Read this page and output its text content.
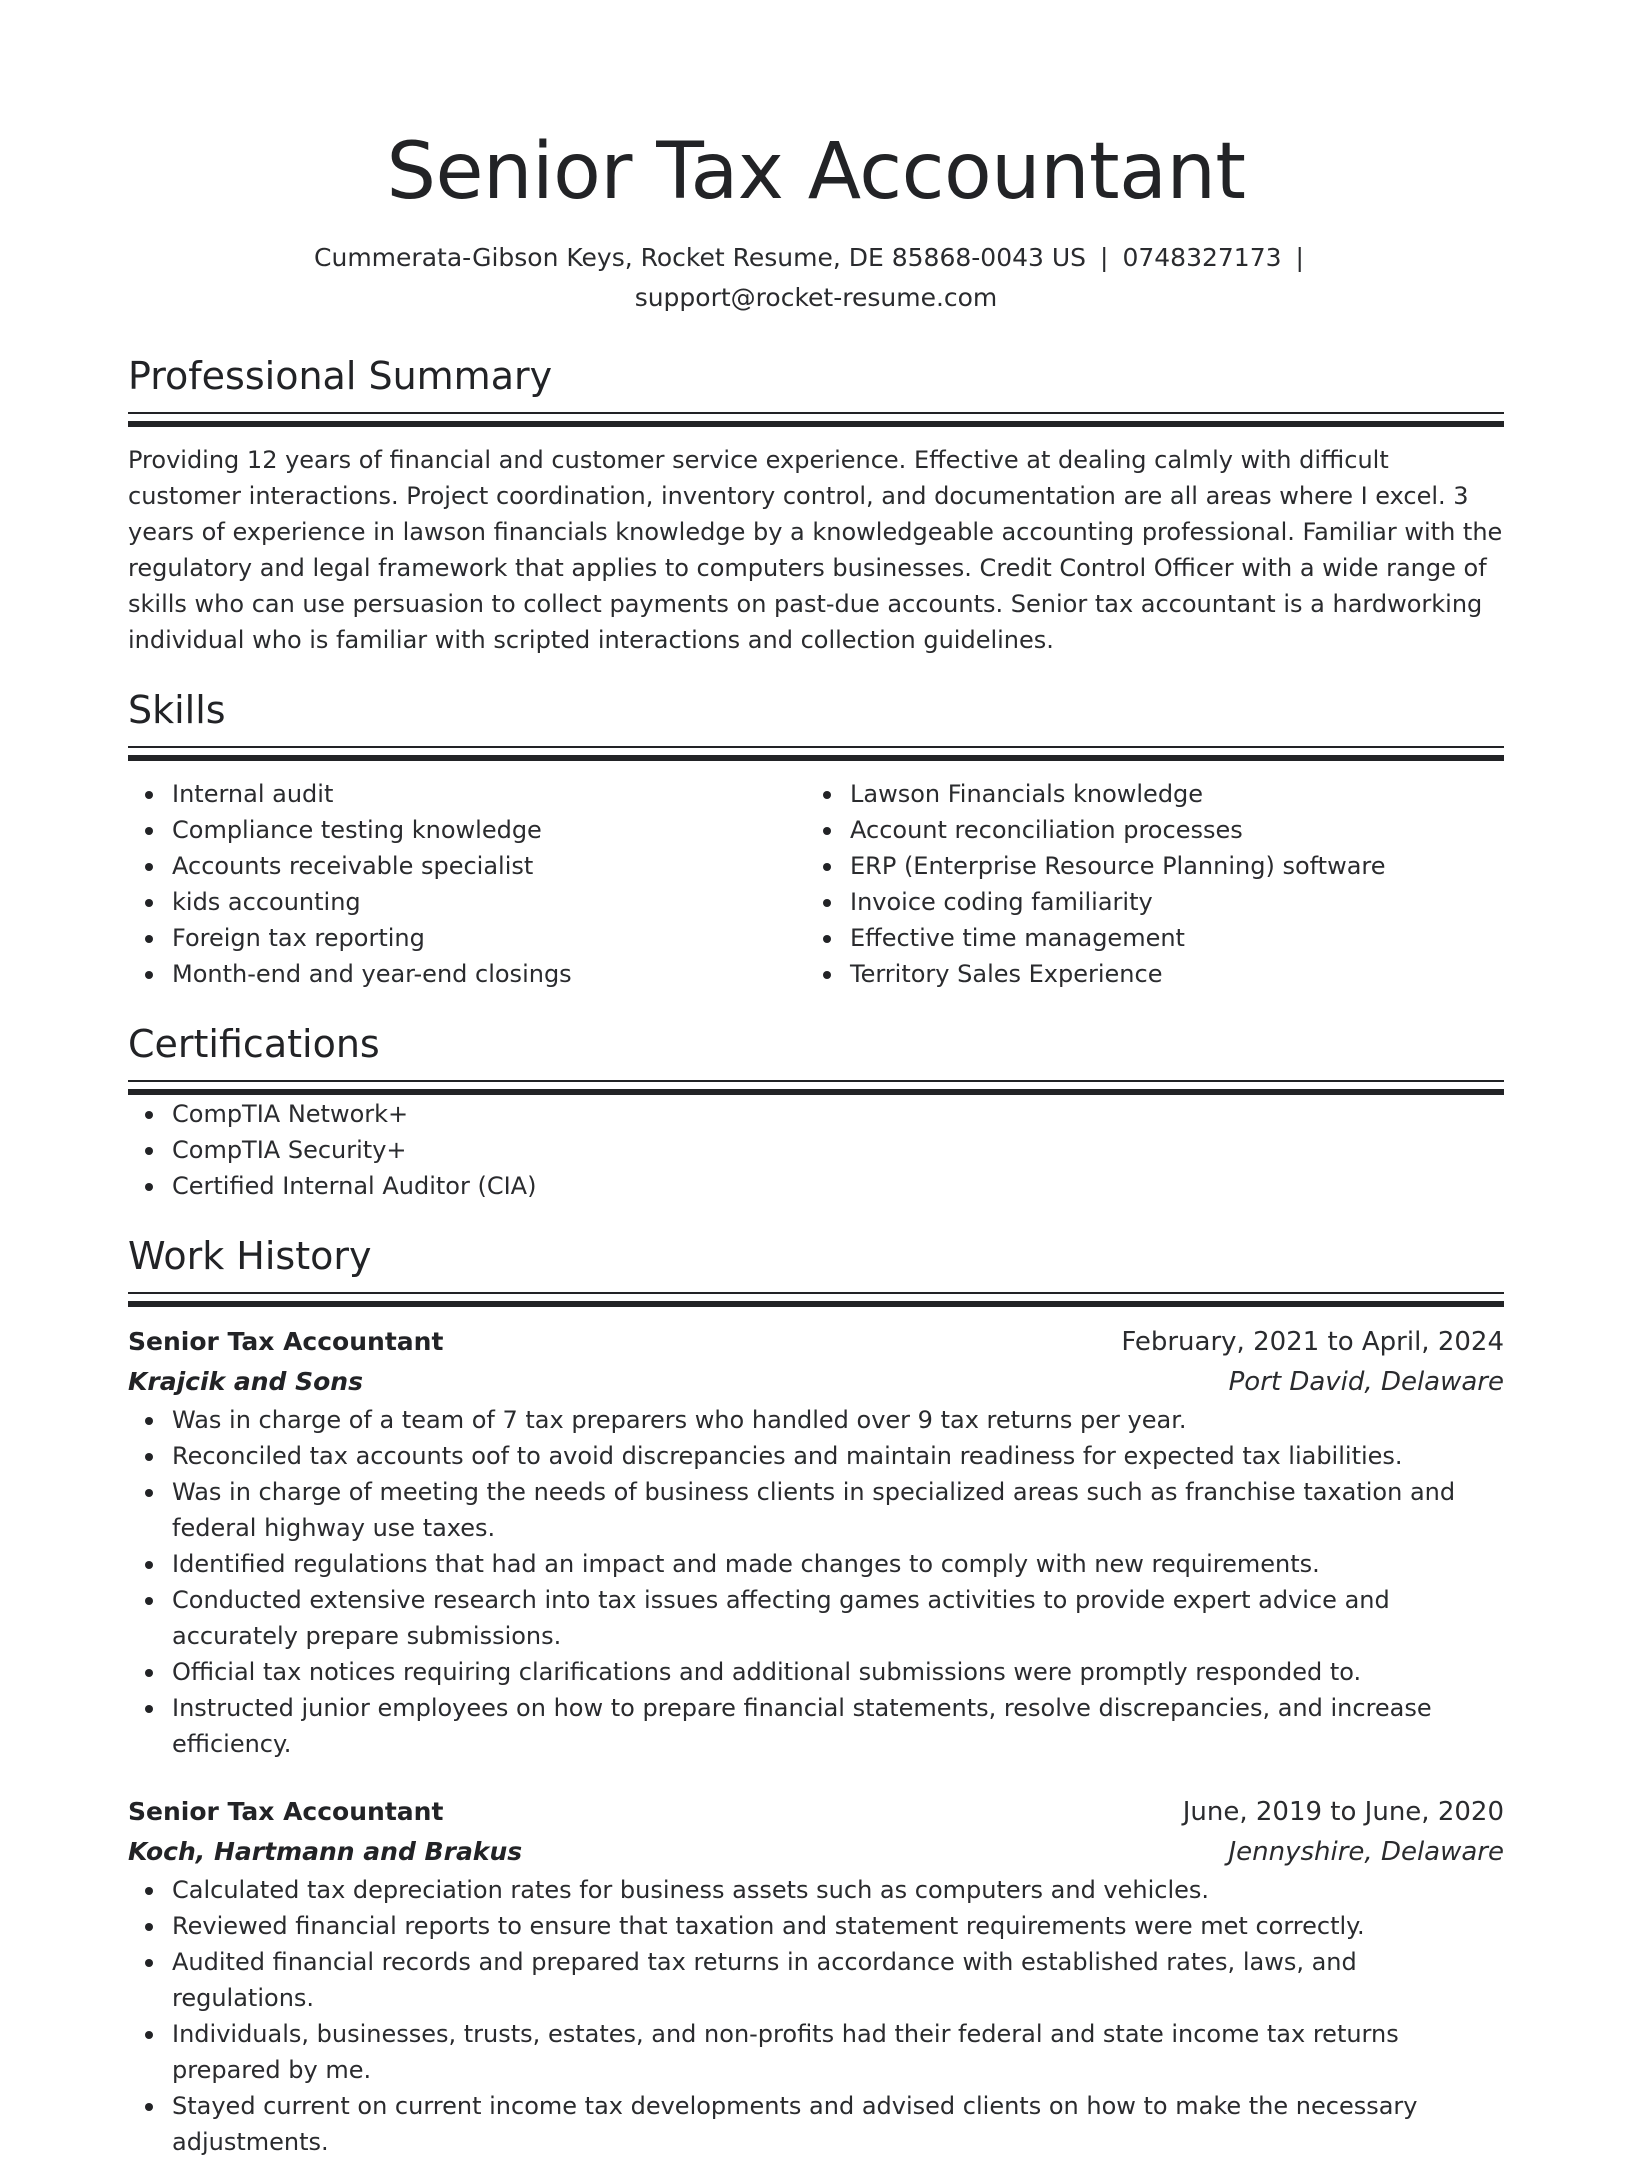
Senior Tax Accountant
Cummerata-Gibson Keys, Rocket Resume, DE 85868-0043 US | 0748327173 |
support@rocket-resume.com
Professional Summary

Providing 12 years of financial and customer service experience. Effective at dealing calmly with difficult customer interactions. Project coordination, inventory control, and documentation are all areas where I excel. 3 years of experience in lawson financials knowledge by a knowledgeable accounting professional. Familiar with the regulatory and legal framework that applies to computers businesses. Credit Control Officer with a wide range of skills who can use persuasion to collect payments on past-due accounts. Senior tax accountant is a hardworking individual who is familiar with scripted interactions and collection guidelines.

Skills
Internal audit
Compliance testing knowledge
Accounts receivable specialist
kids accounting
Foreign tax reporting
Month-end and year-end closings
Lawson Financials knowledge
Account reconciliation processes
ERP (Enterprise Resource Planning) software
Invoice coding familiarity
Effective time management
Territory Sales Experience
Certifications
CompTIA Network+
CompTIA Security+
Certified Internal Auditor (CIA)
Work History
Senior Tax Accountant	February, 2021 to April, 2024
Krajcik and Sons	Port David, Delaware
Was in charge of a team of 7 tax preparers who handled over 9 tax returns per year.
Reconciled tax accounts oof to avoid discrepancies and maintain readiness for expected tax liabilities.
Was in charge of meeting the needs of business clients in specialized areas such as franchise taxation and federal highway use taxes.
Identified regulations that had an impact and made changes to comply with new requirements.
Conducted extensive research into tax issues affecting games activities to provide expert advice and accurately prepare submissions.
Official tax notices requiring clarifications and additional submissions were promptly responded to.
Instructed junior employees on how to prepare financial statements, resolve discrepancies, and increase efficiency.
Senior Tax Accountant	June, 2019 to June, 2020
Koch, Hartmann and Brakus	Jennyshire, Delaware
Calculated tax depreciation rates for business assets such as computers and vehicles.
Reviewed financial reports to ensure that taxation and statement requirements were met correctly.
Audited financial records and prepared tax returns in accordance with established rates, laws, and regulations.
Individuals, businesses, trusts, estates, and non-profits had their federal and state income tax returns prepared by me.
Stayed current on current income tax developments and advised clients on how to make the necessary adjustments.
